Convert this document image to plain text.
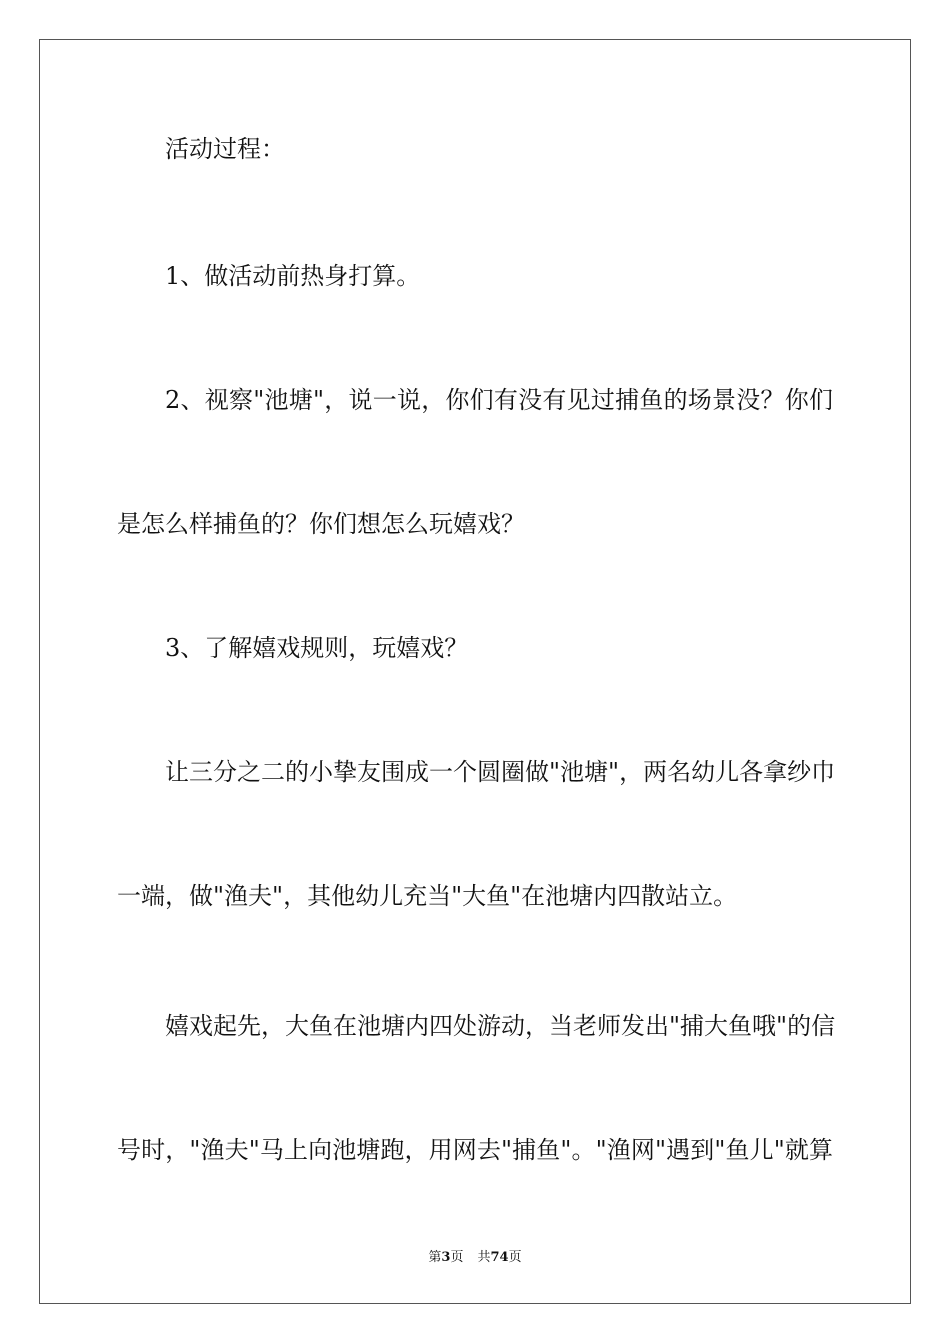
活动过程：
1、做活动前热身打算。
2、视察"池塘"，说一说，你们有没有见过捕鱼的场景没？你们
是怎么样捕鱼的？你们想怎么玩嬉戏？
3、了解嬉戏规则，玩嬉戏？
让三分之二的小挚友围成一个圆圈做"池塘"，两名幼儿各拿纱巾
一端，做"渔夫"，其他幼儿充当"大鱼"在池塘内四散站立。
嬉戏起先，大鱼在池塘内四处游动，当老师发出"捕大鱼哦"的信
号时，"渔夫"马上向池塘跑，用网去"捕鱼"。"渔网"遇到"鱼儿"就算
第3页 共74页
